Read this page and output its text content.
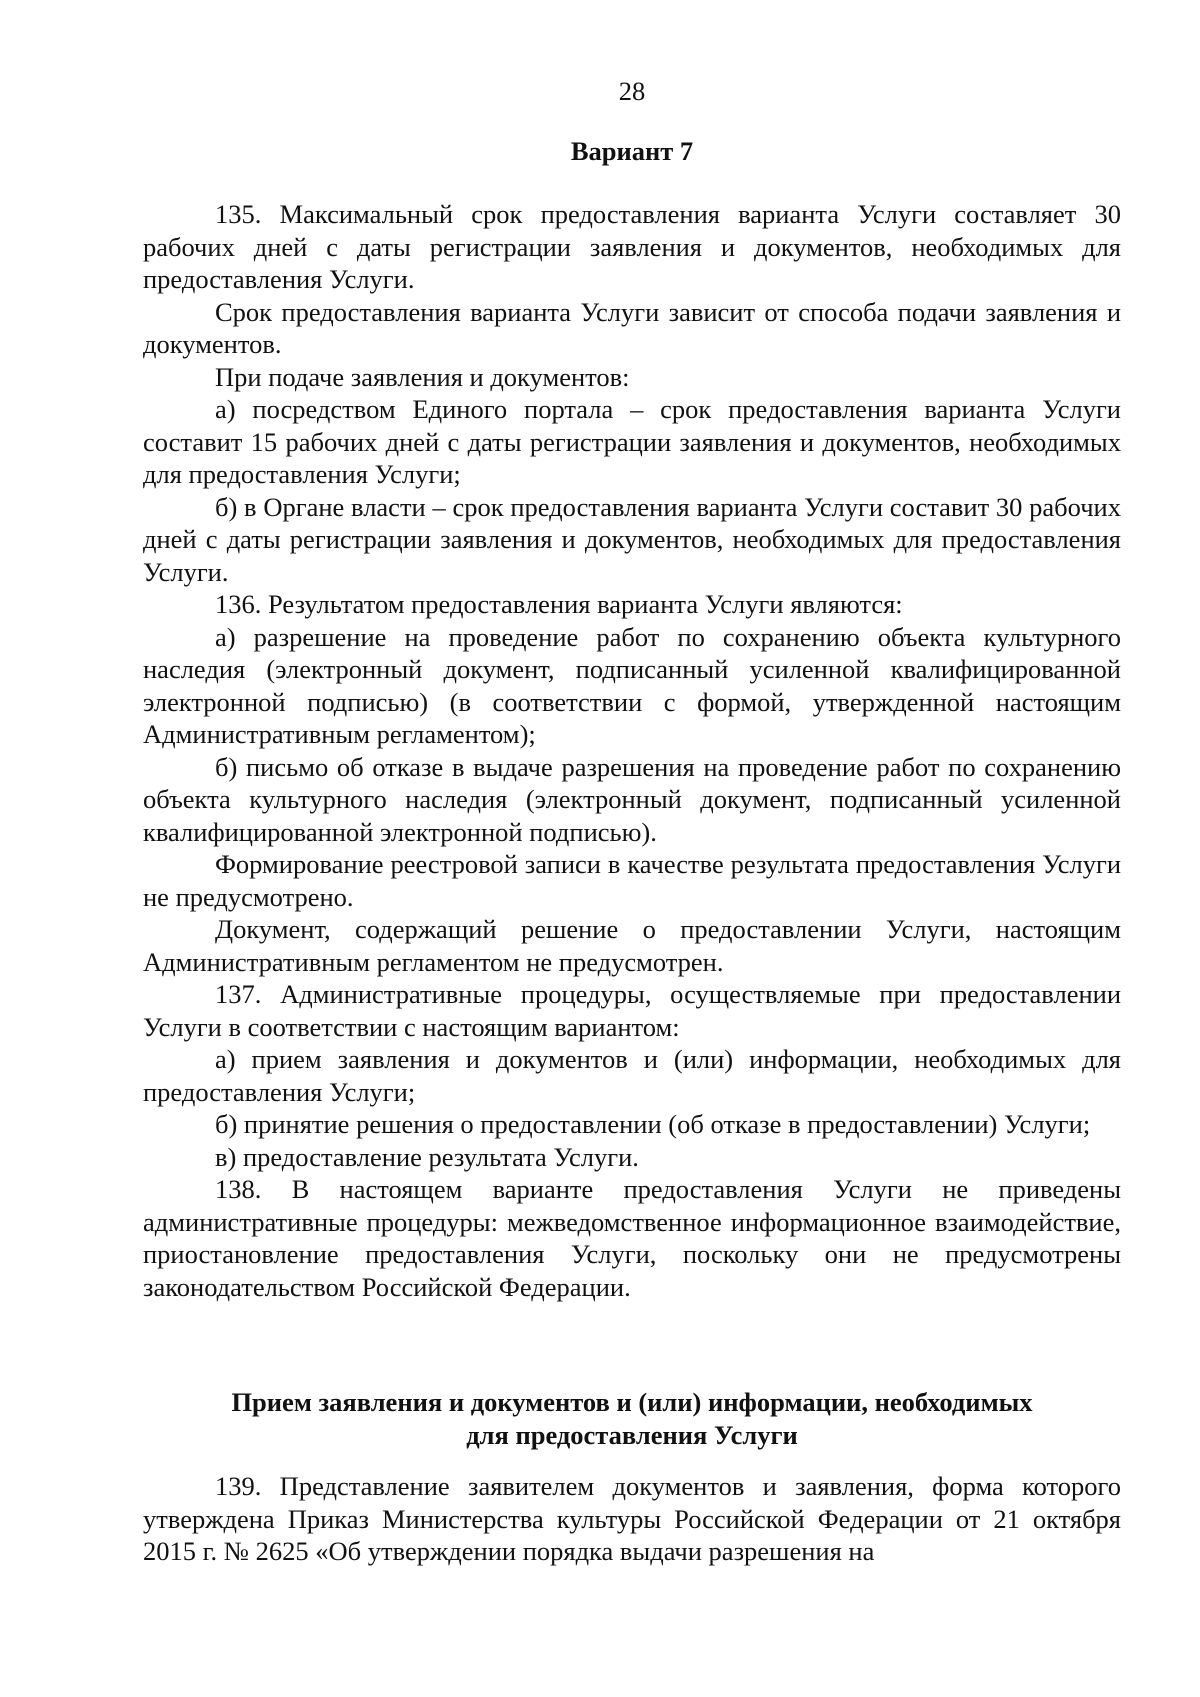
28
Вариант 7

135. Максимальный срок предоставления варианта Услуги составляет 30 рабочих дней с даты регистрации заявления и документов, необходимых для предоставления Услуги.

Срок предоставления варианта Услуги зависит от способа подачи заявления и документов.

При подаче заявления и документов:

а) посредством Единого портала – срок предоставления варианта Услуги составит 15 рабочих дней с даты регистрации заявления и документов, необходимых для предоставления Услуги;

б) в Органе власти – срок предоставления варианта Услуги составит 30 рабочих дней с даты регистрации заявления и документов, необходимых для предоставления Услуги.

136. Результатом предоставления варианта Услуги являются:

а) разрешение на проведение работ по сохранению объекта культурного наследия (электронный документ, подписанный усиленной квалифицированной электронной подписью) (в соответствии с формой, утвержденной настоящим Административным регламентом);

б) письмо об отказе в выдаче разрешения на проведение работ по сохранению объекта культурного наследия (электронный документ, подписанный усиленной квалифицированной электронной подписью).

Формирование реестровой записи в качестве результата предоставления Услуги не предусмотрено.

Документ, содержащий решение о предоставлении Услуги, настоящим Административным регламентом не предусмотрен.

137. Административные процедуры, осуществляемые при предоставлении Услуги в соответствии с настоящим вариантом:

а) прием заявления и документов и (или) информации, необходимых для предоставления Услуги;

б) принятие решения о предоставлении (об отказе в предоставлении) Услуги;

в) предоставление результата Услуги.

138. В настоящем варианте предоставления Услуги не приведены административные процедуры: межведомственное информационное взаимодействие, приостановление предоставления Услуги, поскольку они не предусмотрены законодательством Российской Федерации.

Прием заявления и документов и (или) информации, необходимых
для предоставления Услуги

139. Представление заявителем документов и заявления, форма которого утверждена Приказ Министерства культуры Российской Федерации от 21 октября 2015 г. № 2625 «Об утверждении порядка выдачи разрешения на
